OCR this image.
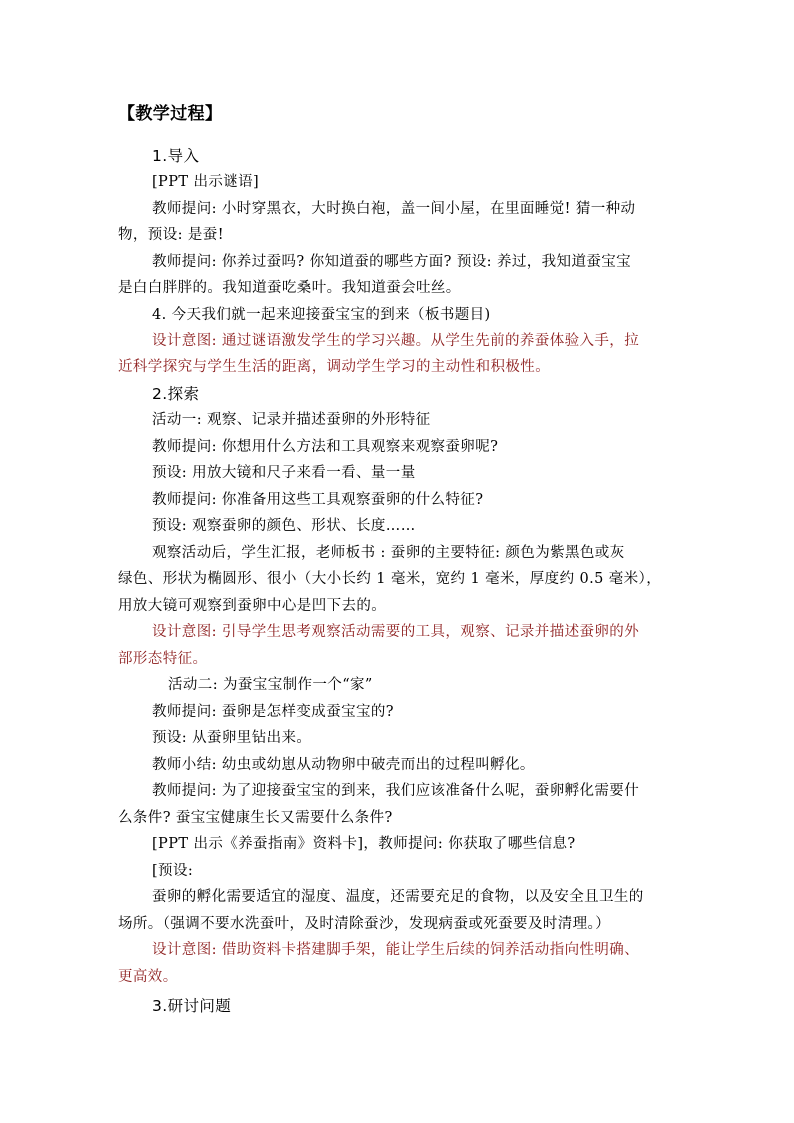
【教学过程】
1.导入
[PPT 出示谜语]
教师提问: 小时穿黑衣，大时换白袍，盖一间小屋，在里面睡觉! 猜一种动
物，预设: 是蚕!
教师提问: 你养过蚕吗? 你知道蚕的哪些方面? 预设: 养过，我知道蚕宝宝
是白白胖胖的。我知道蚕吃桑叶。我知道蚕会吐丝。
4. 今天我们就一起来迎接蚕宝宝的到来（板书题目)
设计意图: 通过谜语激发学生的学习兴趣。从学生先前的养蚕体验入手，拉
近科学探究与学生生活的距离，调动学生学习的主动性和积极性。
2.探索
活动一: 观察、记录并描述蚕卵的外形特征
教师提问: 你想用什么方法和工具观察来观察蚕卵呢?
预设: 用放大镜和尺子来看一看、量一量
教师提问: 你准备用这些工具观察蚕卵的什么特征?
预设: 观察蚕卵的颜色、形状、长度……
观察活动后，学生汇报，老师板书 : 蚕卵的主要特征: 颜色为紫黑色或灰
绿色、形状为椭圆形、很小（大小长约 1 毫米，宽约 1 毫米，厚度约 0.5 毫米），
用放大镜可观察到蚕卵中心是凹下去的。
设计意图: 引导学生思考观察活动需要的工具，观察、记录并描述蚕卵的外
部形态特征。
活动二: 为蚕宝宝制作一个“家”
教师提问: 蚕卵是怎样变成蚕宝宝的?
预设: 从蚕卵里钻出来。
教师小结: 幼虫或幼崽从动物卵中破壳而出的过程叫孵化。
教师提问: 为了迎接蚕宝宝的到来，我们应该准备什么呢，蚕卵孵化需要什
么条件? 蚕宝宝健康生长又需要什么条件?
[PPT 出示《养蚕指南》资料卡]，教师提问: 你获取了哪些信息?
[预设:
蚕卵的孵化需要适宜的湿度、温度，还需要充足的食物，以及安全且卫生的
场所。（强调不要水洗蚕叶，及时清除蚕沙，发现病蚕或死蚕要及时清理。）
设计意图: 借助资料卡搭建脚手架，能让学生后续的饲养活动指向性明确、
更高效。
3.研讨问题
